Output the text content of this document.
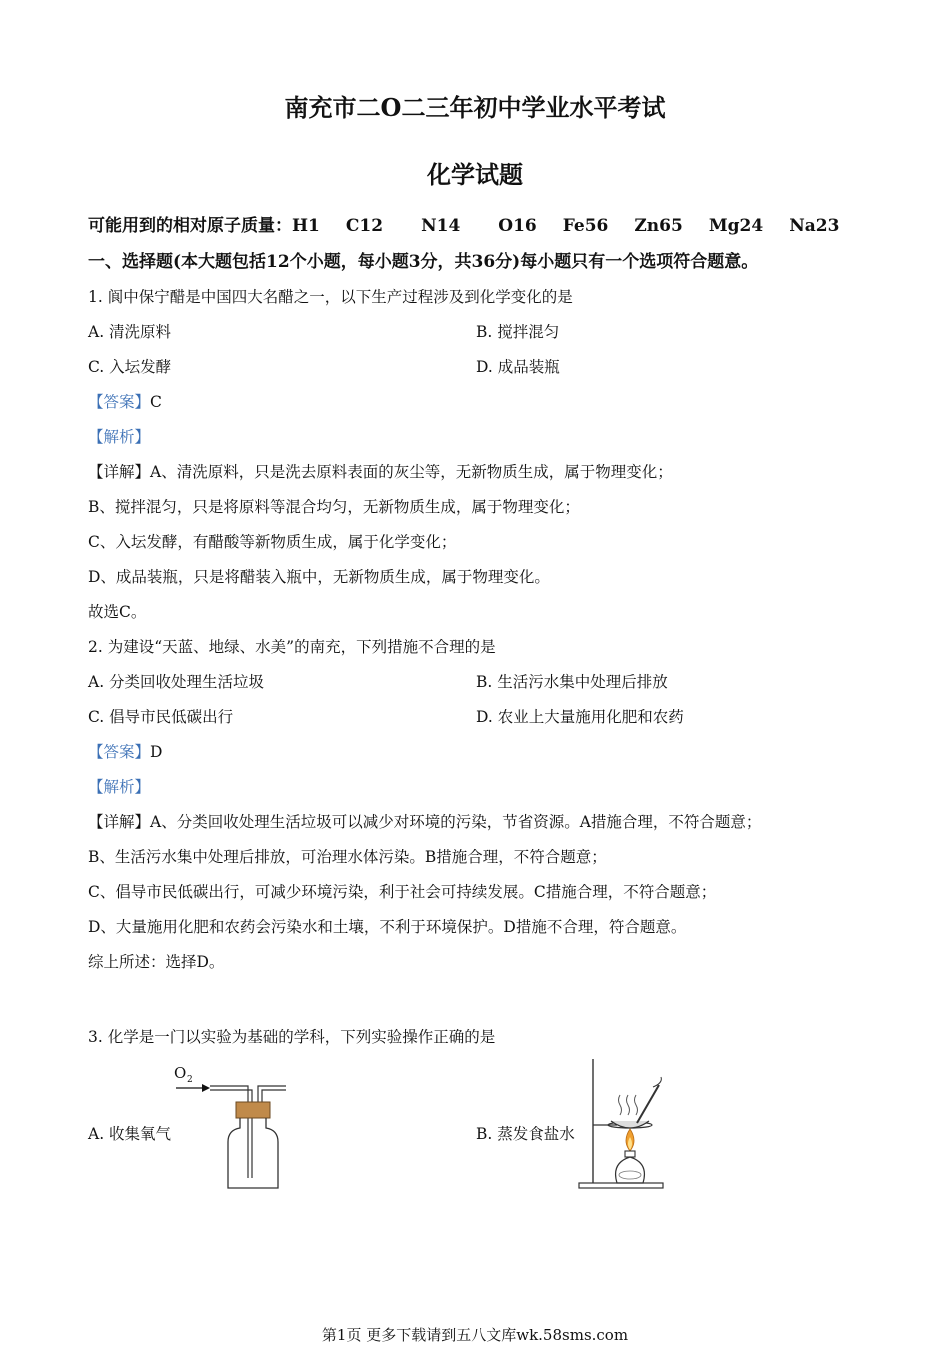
南充市二O二三年初中学业水平考试
化学试题
可能用到的相对原子质量：H1 C12 N14 O16 Fe56 Zn65 Mg24 Na23
一、选择题(本大题包括12个小题，每小题3分，共36分)每小题只有一个选项符合题意。
1. 阆中保宁醋是中国四大名醋之一，以下生产过程涉及到化学变化的是
A. 清洗原料	B. 搅拌混匀
C. 入坛发酵	D. 成品装瓶
【答案】C
【解析】
【详解】A、清洗原料，只是洗去原料表面的灰尘等，无新物质生成，属于物理变化；
B、搅拌混匀，只是将原料等混合均匀，无新物质生成，属于物理变化；
C、入坛发酵，有醋酸等新物质生成，属于化学变化；
D、成品装瓶，只是将醋装入瓶中，无新物质生成，属于物理变化。
故选C。
2. 为建设“天蓝、地绿、水美”的南充，下列措施不合理的是
A. 分类回收处理生活垃圾	B. 生活污水集中处理后排放
C. 倡导市民低碳出行	D. 农业上大量施用化肥和农药
【答案】D
【解析】
【详解】A、分类回收处理生活垃圾可以减少对环境的污染，节省资源。A措施合理，不符合题意；
B、生活污水集中处理后排放，可治理水体污染。B措施合理，不符合题意；
C、倡导市民低碳出行，可减少环境污染，利于社会可持续发展。C措施合理，不符合题意；
D、大量施用化肥和农药会污染水和土壤，不利于环境保护。D措施不合理，符合题意。
综上所述：选择D。
3. 化学是一门以实验为基础的学科，下列实验操作正确的是
A. 收集氧气	B. 蒸发食盐水
O 2
第1页 更多下载请到五八文库wk.58sms.com
